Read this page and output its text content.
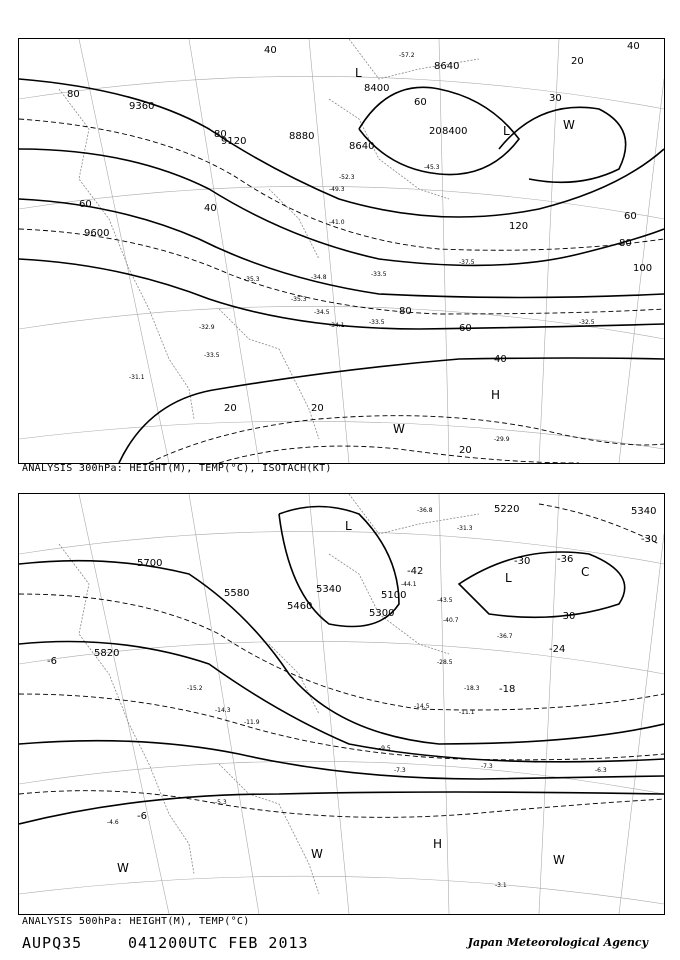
9360
9120	8880
8640
8400
8640
8400
9600
40
80
60
20
30
40
80
40
60
20
120
60
80
100
60
80
40
20	20
20
-57.2
-52.3
-49.3
-45.3
-41.0
-37.5
-35.3
-33.5
-34.8
-35.3
-34.5
-34.1	-33.5	-32.5
-32.9
-33.5
-31.1
-29.9
L
L
H
W
W
ANALYSIS 300hPa: HEIGHT(M), TEMP(°C), ISOTACH(KT)
5700
5820
5460
5340
5580	5100
5220	5340
5300
-6
-42
-36
-30
-24
-18
-30
-6
-30
-36.8
-31.3
-44.1
-43.5
-40.7
-36.7
-28.5
-18.3
-14.5
-11.1
-9.5
-7.3
-7.3	-6.3
-3.1
-15.2
-14.3
-11.9
-5.3
-4.6
L
L	C
H
W	W
W
ANALYSIS 500hPa: HEIGHT(M), TEMP(°C)
AUPQ35	041200UTC FEB 2013	Japan Meteorological Agency
